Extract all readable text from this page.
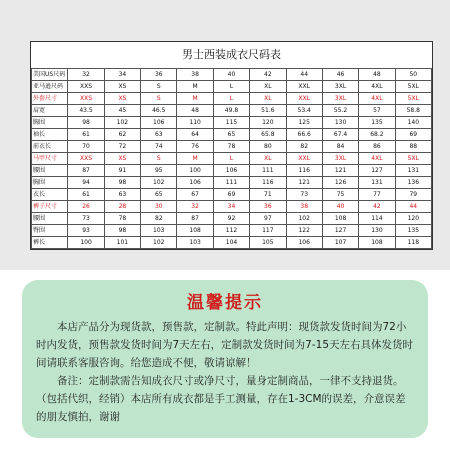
男士西装成衣尺码表
美国US尺码	32	34	36	38	40	42	44	46	48	50
亚马逊尺码	XXS	XS	S	M	L	XL	XXL	3XL	4XL	5XL
外套尺寸	XXS	XS	S	M	L	XL	XXL	3XL	4XL	5XL
肩宽	43.5	45	46.5	48	49.8	51.6	53.4	55.2	57	58.8
胸围	98	102	106	110	115	120	125	130	135	140
袖长	61	62	63	64	65	65.8	66.6	67.4	68.2	69
前衣长	70	72	74	76	78	80	82	84	86	88
马甲尺寸	XXS	XS	S	M	L	XL	XXL	3XL	4XL	5XL
腰围	87	91	95	100	106	111	116	121	127	131
胸围	94	98	102	106	111	116	121	126	131	136
衣长	61	63	65	67	69	71	73	75	77	79
裤子尺寸	26	28	30	32	34	36	38	40	42	44
腰围	73	78	82	87	92	97	102	108	114	120
臀围	93	98	103	108	112	117	122	127	130	135
裤长	100	101	102	103	104	105	106	107	108	118
温馨提示

本店产品分为现货款，预售款，定制款。特此声明：现货款发货时间为72小时内发货，预售款发货时间为7天左右，定制款发货时间为7-15天左右具体发货时间请联系客服咨询。给您造成不便，敬请谅解！

备注：定制款需告知成衣尺寸或净尺寸，量身定制商品，一律不支持退货。（包括代织，经销）本店所有成衣都是手工测量，存在1-3CM的误差，介意误差的朋友慎拍，谢谢
